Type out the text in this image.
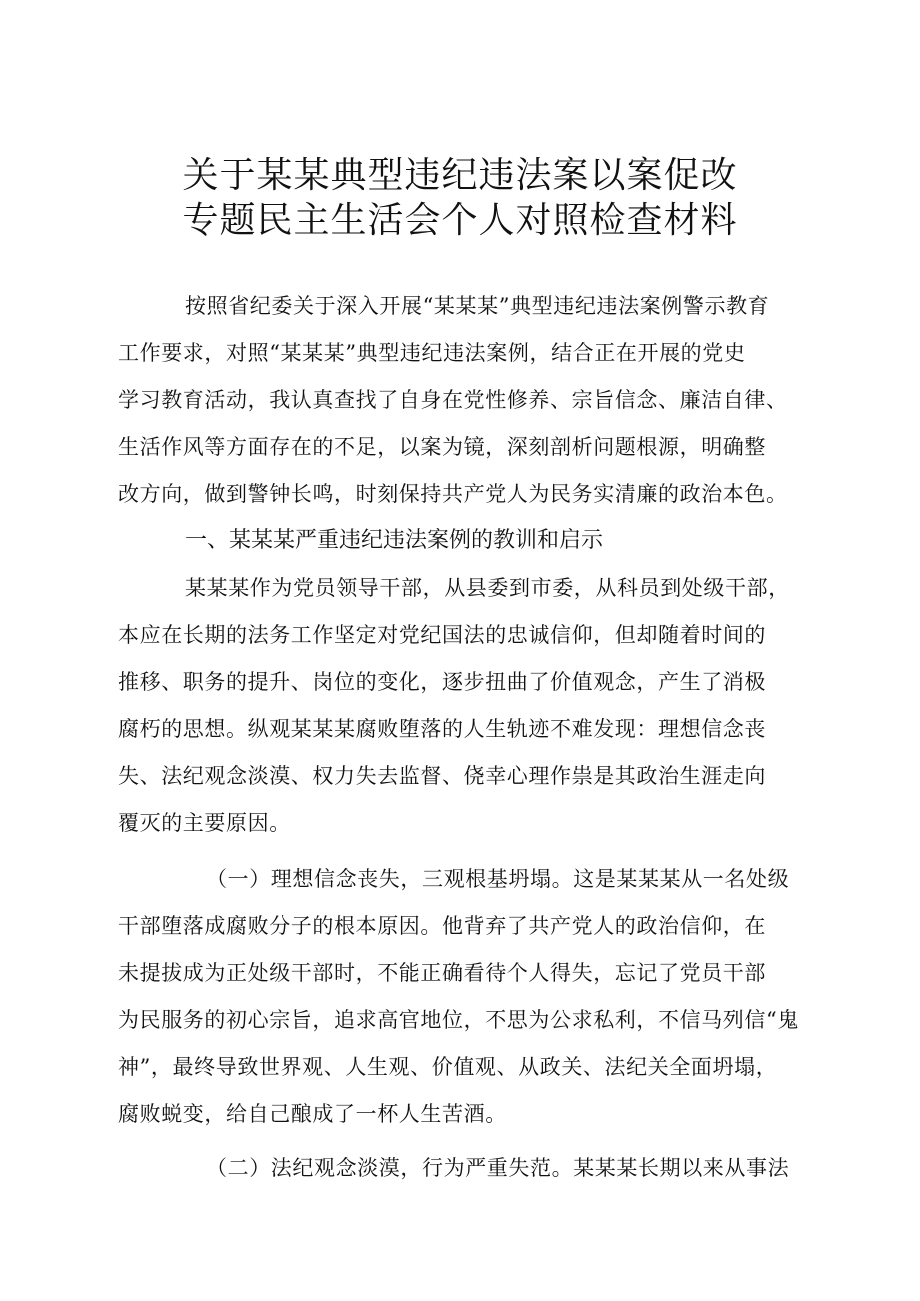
关于某某典型违纪违法案以案促改
专题民主生活会个人对照检查材料
按照省纪委关于深入开展“某某某”典型违纪违法案例警示教育
工作要求，对照“某某某”典型违纪违法案例，结合正在开展的党史
学习教育活动，我认真查找了自身在党性修养、宗旨信念、廉洁自律、
生活作风等方面存在的不足，以案为镜，深刻剖析问题根源，明确整
改方向，做到警钟长鸣，时刻保持共产党人为民务实清廉的政治本色。
一、某某某严重违纪违法案例的教训和启示
某某某作为党员领导干部，从县委到市委，从科员到处级干部，
本应在长期的法务工作坚定对党纪国法的忠诚信仰，但却随着时间的
推移、职务的提升、岗位的变化，逐步扭曲了价值观念，产生了消极
腐朽的思想。纵观某某某腐败堕落的人生轨迹不难发现：理想信念丧
失、法纪观念淡漠、权力失去监督、侥幸心理作祟是其政治生涯走向
覆灭的主要原因。
（一）理想信念丧失，三观根基坍塌。这是某某某从一名处级
干部堕落成腐败分子的根本原因。他背弃了共产党人的政治信仰，在
未提拔成为正处级干部时，不能正确看待个人得失，忘记了党员干部
为民服务的初心宗旨，追求高官地位，不思为公求私利，不信马列信“鬼
神”，最终导致世界观、人生观、价值观、从政关、法纪关全面坍塌，
腐败蜕变，给自己酿成了一杯人生苦酒。
（二）法纪观念淡漠，行为严重失范。某某某长期以来从事法
